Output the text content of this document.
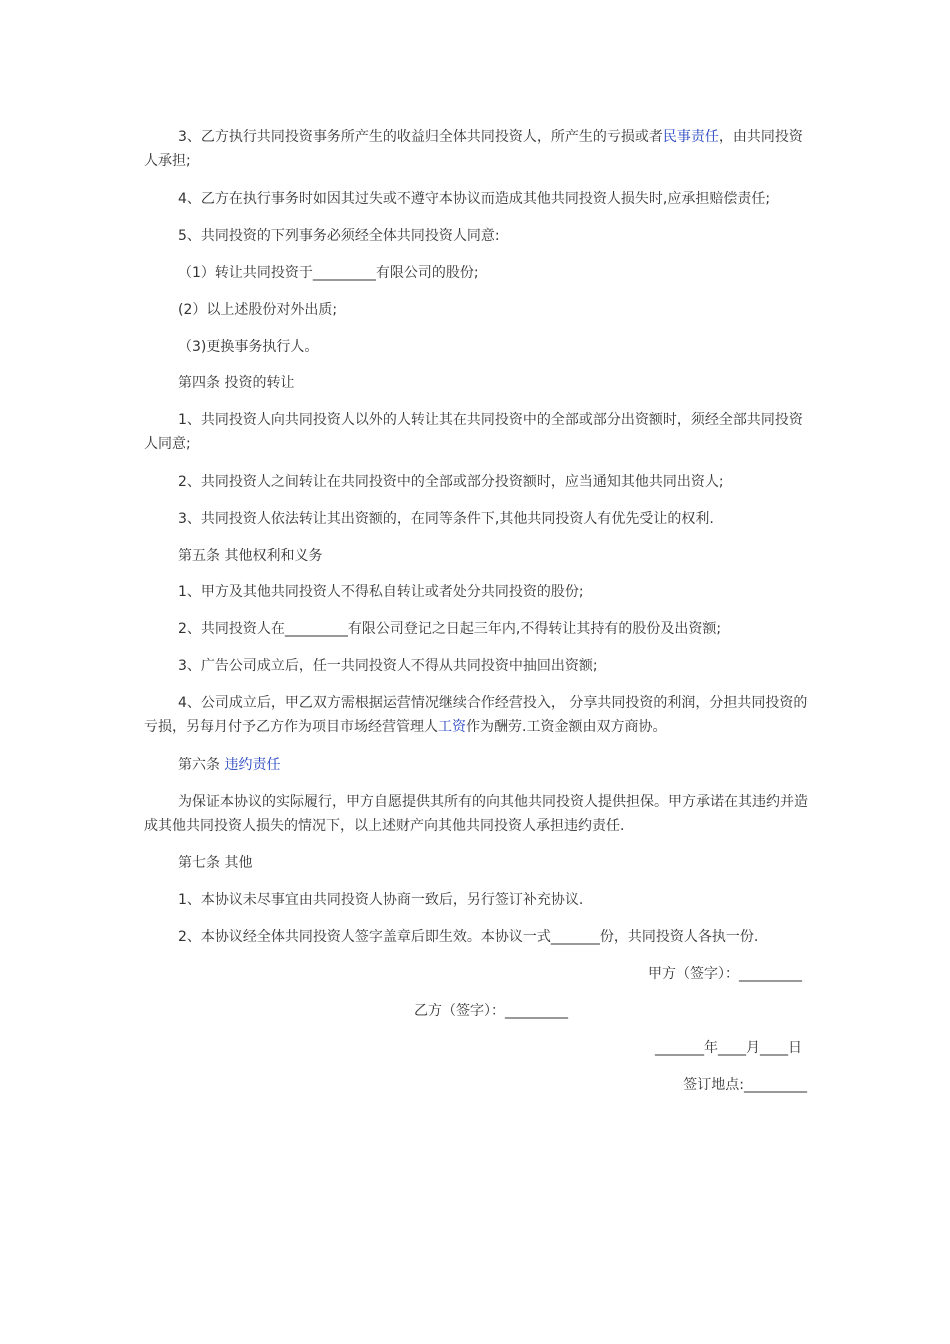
3、乙方执行共同投资事务所产生的收益归全体共同投资人，所产生的亏损或者民事责任，由共同投资人承担;

4、乙方在执行事务时如因其过失或不遵守本协议而造成其他共同投资人损失时,应承担赔偿责任;

5、共同投资的下列事务必须经全体共同投资人同意:

（1）转让共同投资于_________有限公司的股份;

(2）以上述股份对外出质;

（3)更换事务执行人。

第四条 投资的转让

1、共同投资人向共同投资人以外的人转让其在共同投资中的全部或部分出资额时，须经全部共同投资人同意;

2、共同投资人之间转让在共同投资中的全部或部分投资额时，应当通知其他共同出资人;

3、共同投资人依法转让其出资额的，在同等条件下,其他共同投资人有优先受让的权利.

第五条 其他权利和义务

1、甲方及其他共同投资人不得私自转让或者处分共同投资的股份;

2、共同投资人在_________有限公司登记之日起三年内,不得转让其持有的股份及出资额;

3、广告公司成立后，任一共同投资人不得从共同投资中抽回出资额;

4、公司成立后，甲乙双方需根据运营情况继续合作经营投入， 分享共同投资的利润，分担共同投资的亏损，另每月付予乙方作为项目市场经营管理人工资作为酬劳.工资金额由双方商协。

第六条 违约责任

为保证本协议的实际履行，甲方自愿提供其所有的向其他共同投资人提供担保。甲方承诺在其违约并造成其他共同投资人损失的情况下，以上述财产向其他共同投资人承担违约责任.

第七条 其他

1、本协议未尽事宜由共同投资人协商一致后，另行签订补充协议.

2、本协议经全体共同投资人签字盖章后即生效。本协议一式_______份，共同投资人各执一份.

甲方（签字）：_________

乙方（签字）：_________

_______年____月____日

签订地点:_________
